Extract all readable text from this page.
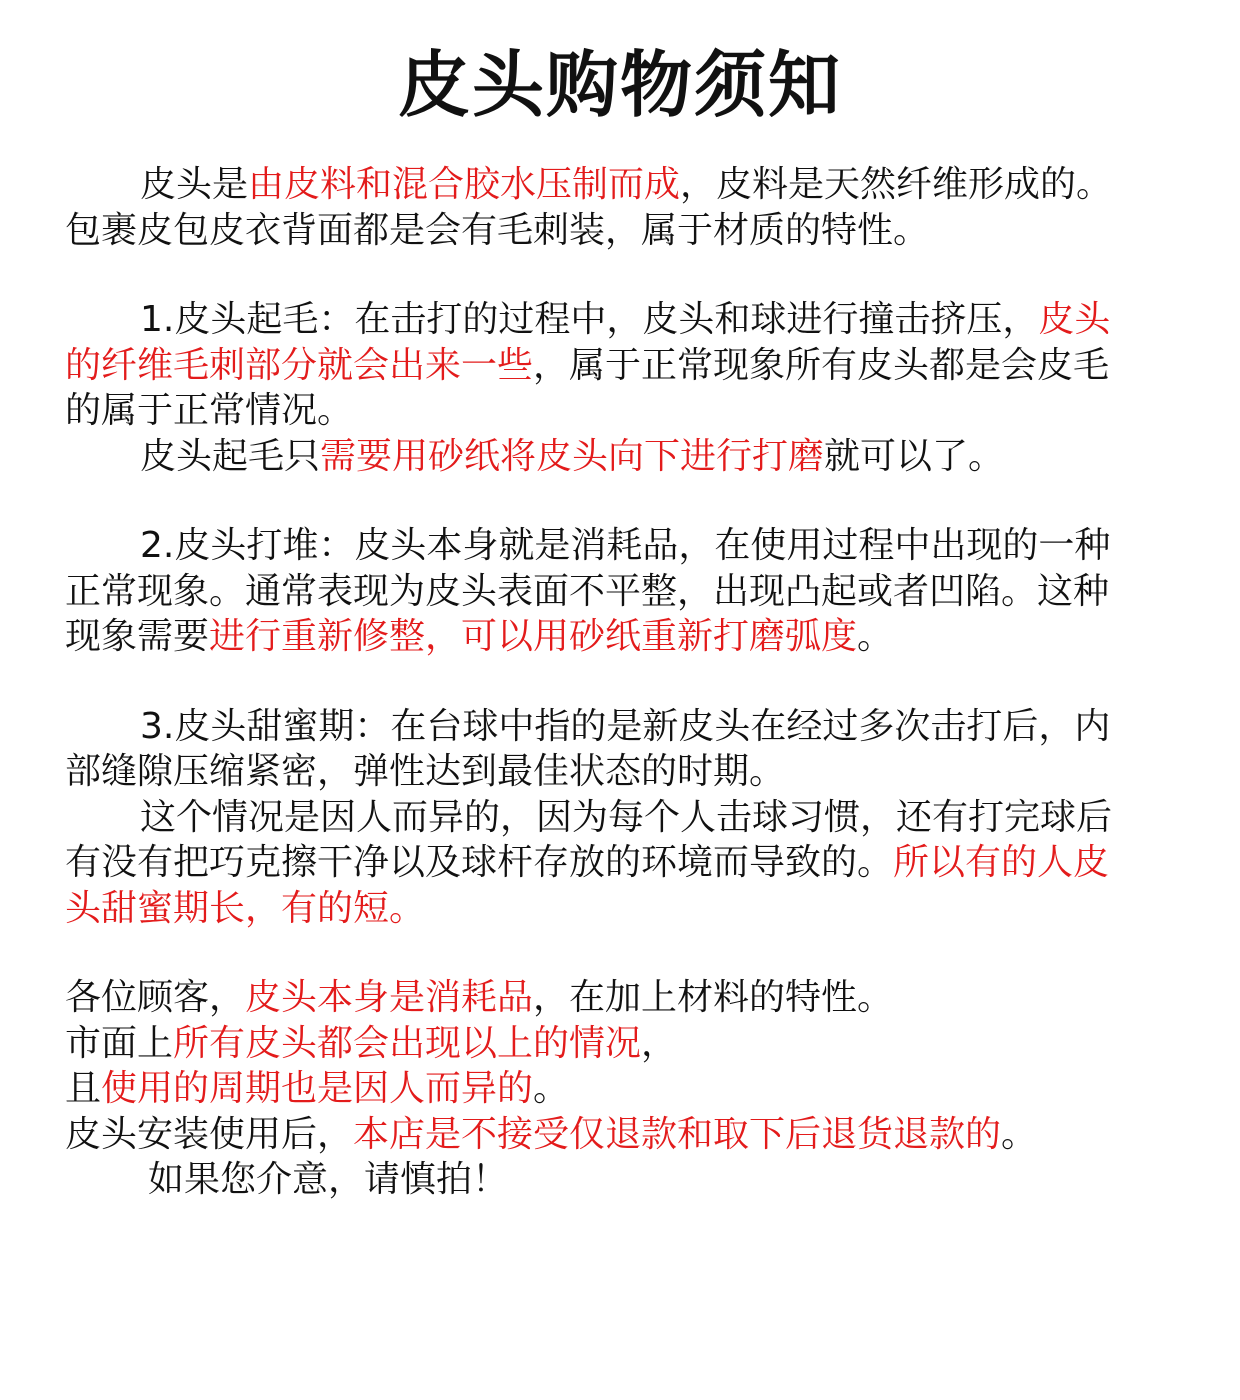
皮头购物须知
皮头是由皮料和混合胶水压制而成，皮料是天然纤维形成的。
包裹皮包皮衣背面都是会有毛刺装，属于材质的特性。
1.皮头起毛：在击打的过程中，皮头和球进行撞击挤压，皮头
的纤维毛刺部分就会出来一些，属于正常现象所有皮头都是会皮毛
的属于正常情况。
皮头起毛只需要用砂纸将皮头向下进行打磨就可以了。
2.皮头打堆：皮头本身就是消耗品，在使用过程中出现的一种
正常现象。通常表现为皮头表面不平整，出现凸起或者凹陷。这种
现象需要进行重新修整，可以用砂纸重新打磨弧度。
3.皮头甜蜜期：在台球中指的是新皮头在经过多次击打后，内
部缝隙压缩紧密，弹性达到最佳状态的时期。
这个情况是因人而异的，因为每个人击球习惯，还有打完球后
有没有把巧克擦干净以及球杆存放的环境而导致的。所以有的人皮
头甜蜜期长，有的短。
各位顾客，皮头本身是消耗品，在加上材料的特性。
市面上所有皮头都会出现以上的情况，
且使用的周期也是因人而异的。
皮头安装使用后，本店是不接受仅退款和取下后退货退款的。
如果您介意，请慎拍！
